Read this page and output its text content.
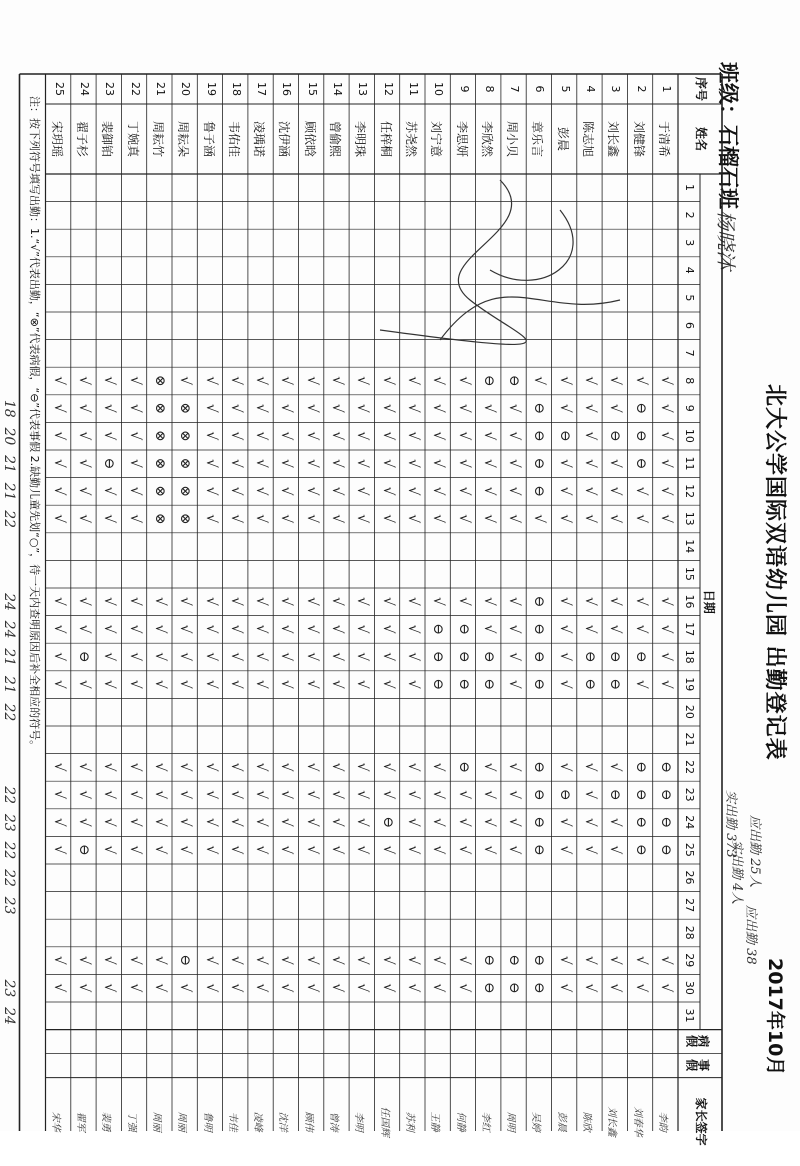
北大公学国际双语幼儿园 出勤登记表
2017年10月
班级：石榴石班
杨晓沐
应出勤 25人
实出勤 4人
实出勤 373
应出勤 38
序号
姓名
日期
病假
事假
家长签字
1
2
3
4
5
6
7
8
9
10
11
12
13
14
15
16
17
18
19
20
21
22
23
24
25
26
27
28
29
30
31
1
于清希
李韵
√
√
√
√
√
√
√
√
√
√
⊖
⊖
⊖
⊖
√
√
2
刘健锋
刘春华
√
⊖
⊖
⊖
√
√
√
√
⊖
√
⊖
⊖
⊖
⊖
√
√
3
刘长鑫
刘长鑫
√
√
⊖
√
√
√
√
√
⊖
⊖
√
⊖
√
√
√
√
4
陈志旭
陈欣
√
√
√
√
√
√
√
√
⊖
⊖
√
√
√
√
√
√
5
彭晨
彭晨
√
√
⊖
√
√
√
√
√
√
√
√
⊖
√
√
√
√
6
章乐言
吴婷
√
⊖
⊖
⊖
⊖
√
⊖
⊖
⊖
⊖
⊖
⊖
⊖
⊖
⊖
⊖
7
周小贝
周明
⊖
√
√
√
√
√
√
√
√
√
√
√
√
√
⊖
⊖
8
李欣然
李红
⊖
√
√
√
√
√
√
√
⊖
⊖
√
√
√
√
⊖
⊖
9
李思妍
何静
√
√
√
√
√
√
√
⊖
⊖
⊖
⊖
√
√
√
√
√
10
刘宁意
王静
√
√
√
√
√
√
√
⊖
⊖
⊖
√
√
√
√
√
√
11
苏尧然
苏利
√
√
√
√
√
√
√
√
√
√
√
√
√
√
√
√
12
任梓桐
任国辉
√
√
√
√
√
√
√
√
√
√
√
√
⊖
√
√
√
13
李明珠
李明
√
√
√
√
√
√
√
√
√
√
√
√
√
√
√
√
14
曾偷熙
曾涛
√
√
√
√
√
√
√
√
√
√
√
√
√
√
√
√
15
顾依晗
顾伟
√
√
√
√
√
√
√
√
√
√
√
√
√
√
√
√
16
沈伊涵
沈洋
√
√
√
√
√
√
√
√
√
√
√
√
√
√
√
√
17
凌瑀诺
凌峰
√
√
√
√
√
√
√
√
√
√
√
√
√
√
√
√
18
韦佑佳
韦佳
√
√
√
√
√
√
√
√
√
√
√
√
√
√
√
√
19
鲁子涵
鲁明
√
√
√
√
√
√
√
√
√
√
√
√
√
√
√
√
20
周耘朵
周丽
√
⊗
⊗
⊗
⊗
⊗
√
√
√
√
√
√
√
√
⊖
√
21
周耘竹
周丽
⊗
⊗
⊗
⊗
⊗
⊗
√
√
√
√
√
√
√
√
√
√
22
丁婉真
丁强
√
√
√
√
√
√
√
√
√
√
√
√
√
√
√
√
23
裴御铂
裴勇
√
√
√
⊖
√
√
√
√
√
√
√
√
√
√
√
√
24
翟子杉
翟军
√
√
√
√
√
√
√
√
⊖
√
√
√
√
⊖
√
√
25
宋玥瑶
宋华
√
√
√
√
√
√
√
√
√
√
√
√
√
√
√
√
18
20
21
21
22
24
24
21
21
22
22
23
22
22
23
23
24
注：按下列符号填写出勤：1.“√”代表出勤，“⊗”代表病假，“⊖”代表事假 2.缺勤儿童先划“○”，待一天内查明原因后补全相应的符号。
